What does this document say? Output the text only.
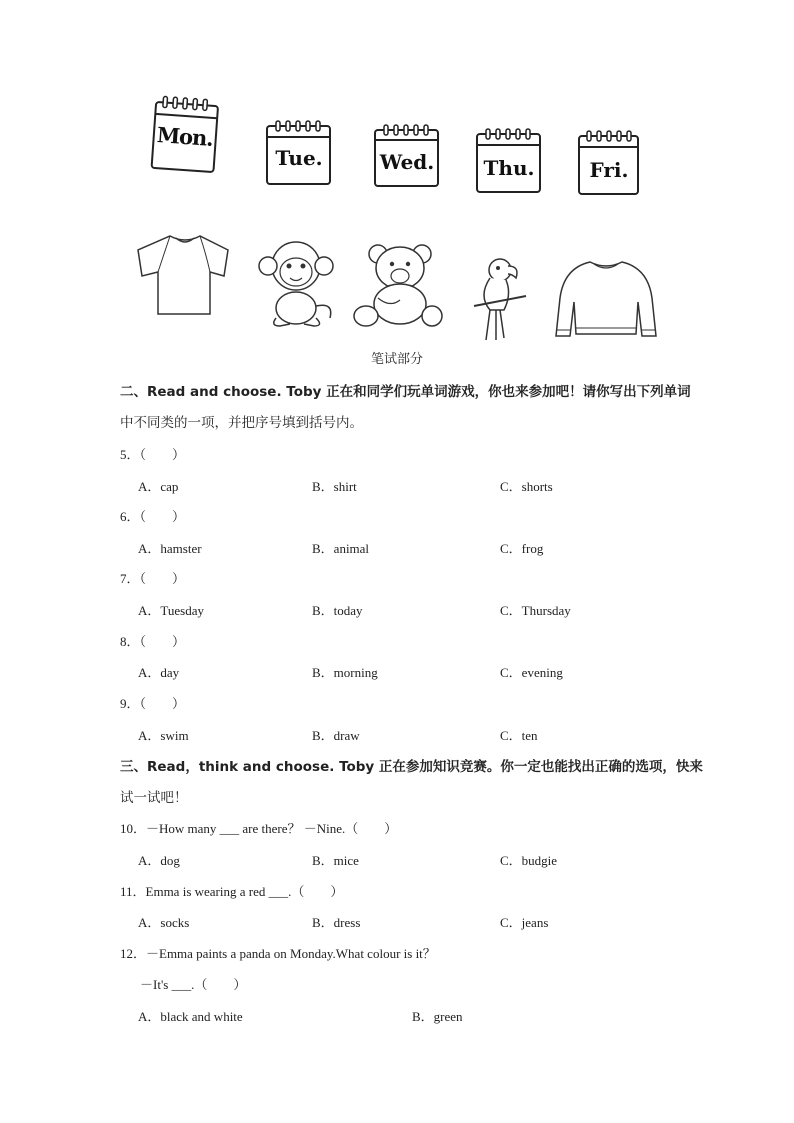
Mon.
Tue.	Wed.	Thu.	Fri.
笔试部分
二、Read and choose. Toby 正在和同学们玩单词游戏，你也来参加吧！请你写出下列单词
中不同类的一项，并把序号填到括号内。
5．（　　）
A．cap	B．shirt	C．shorts
6．（　　）
A．hamster	B．animal	C．frog
7．（　　）
A．Tuesday	B．today	C．Thursday
8．（　　）
A．day	B．morning	C．evening
9．（　　）
A．swim	B．draw	C．ten
三、Read，think and choose. Toby 正在参加知识竞赛。你一定也能找出正确的选项，快来
试一试吧！
10．－How many ___ are there？ －Nine.（　　）
A．dog	B．mice	C．budgie
11．Emma is wearing a red ___.（　　）
A．socks	B．dress	C．jeans
12．－Emma paints a panda on Monday.What colour is it？
－It's ___.（　　）
A．black and white	B．green
